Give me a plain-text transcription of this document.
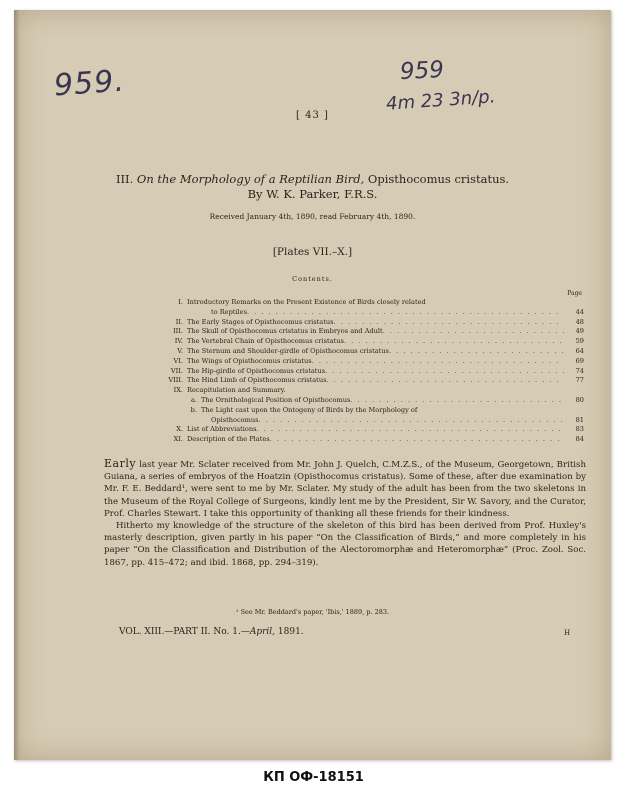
959.	959
4m 23 3n/p.
[ 43 ]
III. On the Morphology of a Reptilian Bird, Opisthocomus cristatus.
By W. K. Parker, F.R.S.
Received January 4th, 1890, read February 4th, 1890.
[Plates VII.–X.]
Contents.
Page
I. Introductory Remarks on the Present Existence of Birds closely related
to Reptiles . . .	44
II. The Early Stages of Opisthocomus cristatus . . .	48
III. The Skull of Opisthocomus cristatus in Embryos and Adult . . .	49
IV. The Vertebral Chain of Opisthocomus cristatus . . .	59
V. The Sternum and Shoulder-girdle of Opisthocomus cristatus . . .	64
VI. The Wings of Opisthocomus cristatus . . .	69
VII. The Hip-girdle of Opisthocomus cristatus . . .	74
VIII. The Hind Limb of Opisthocomus cristatus . . .	77
IX. Recapitulation and Summary.
a. The Ornithological Position of Opisthocomus . . .	80
b. The Light cast upon the Ontogeny of Birds by the Morphology of
Opisthocomus . . .	81
X. List of Abbreviations . . .	83
XI. Description of the Plates . . .	84

Early last year Mr. Sclater received from Mr. John J. Quelch, C.M.Z.S., of the Museum, Georgetown, British Guiana, a series of embryos of the Hoatzin (Opisthocomus cristatus). Some of these, after due examination by Mr. F. E. Beddard¹, were sent to me by Mr. Sclater. My study of the adult has been from the two skeletons in the Museum of the Royal College of Surgeons, kindly lent me by the President, Sir W. Savory, and the Curator, Prof. Charles Stewart. I take this opportunity of thanking all these friends for their kindness.

Hitherto my knowledge of the structure of the skeleton of this bird has been derived from Prof. Huxley's masterly description, given partly in his paper “On the Classification of Birds,” and more completely in his paper “On the Classification and Distribution of the Alectoromorphæ and Heteromorphæ” (Proc. Zool. Soc. 1867, pp. 415–472; and ibid. 1868, pp. 294–319).

¹ See Mr. Beddard's paper, 'Ibis,' 1889, p. 283.
VOL. XIII.—PART II. No. 1.—April, 1891.	H
КП ОФ-18151
